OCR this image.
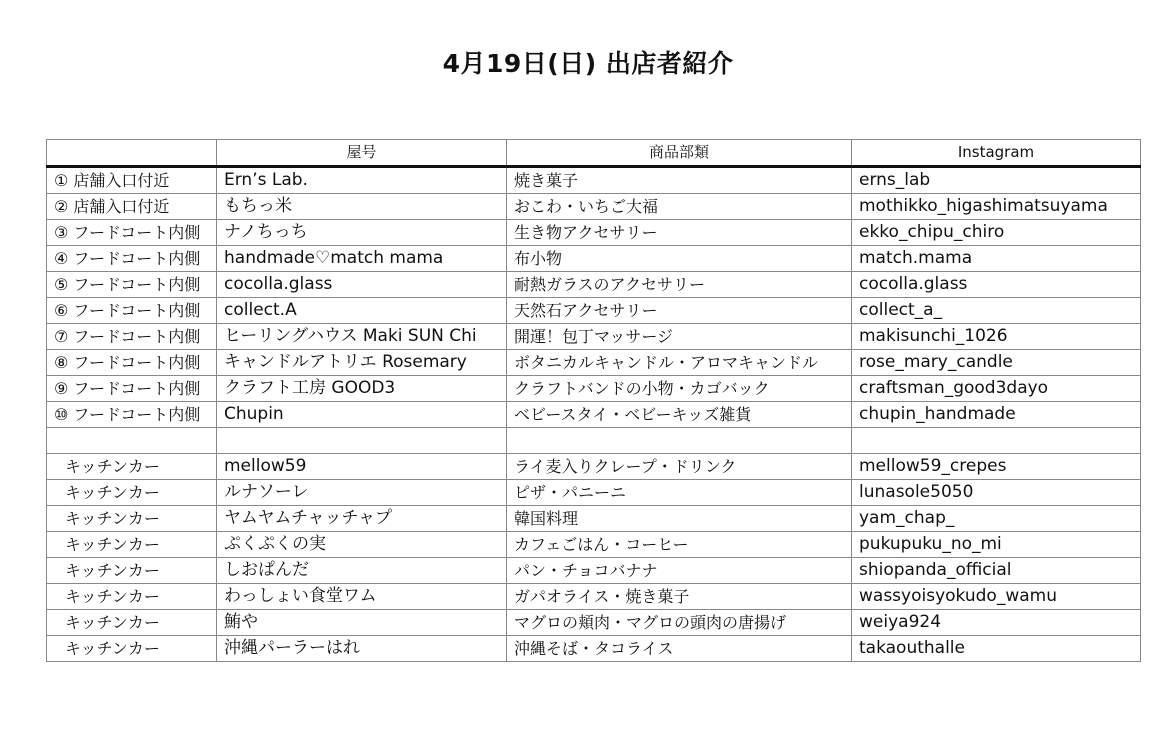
4月19日(日) 出店者紹介
	屋号	商品部類	Instagram
① 店舗入口付近	Ern’s Lab.	焼き菓子	erns_lab
② 店舗入口付近	もちっ米	おこわ・いちご大福	mothikko_higashimatsuyama
③ フードコート内側	ナノちっち	生き物アクセサリー	ekko_chipu_chiro
④ フードコート内側	handmade♡match mama	布小物	match.mama
⑤ フードコート内側	cocolla.glass	耐熱ガラスのアクセサリー	cocolla.glass
⑥ フードコート内側	collect.A	天然石アクセサリー	collect_a_
⑦ フードコート内側	ヒーリングハウス Maki SUN Chi	開運！包丁マッサージ	makisunchi_1026
⑧ フードコート内側	キャンドルアトリエ Rosemary	ボタニカルキャンドル・アロマキャンドル	rose_mary_candle
⑨ フードコート内側	クラフト工房 GOOD3	クラフトバンドの小物・カゴバック	craftsman_good3dayo
⑩ フードコート内側	Chupin	ベビースタイ・ベビーキッズ雑貨	chupin_handmade

キッチンカー	mellow59	ライ麦入りクレープ・ドリンク	mellow59_crepes
キッチンカー	ルナソーレ	ピザ・パニーニ	lunasole5050
キッチンカー	ヤムヤムチャッチャプ	韓国料理	yam_chap_
キッチンカー	ぷくぷくの実	カフェごはん・コーヒー	pukupuku_no_mi
キッチンカー	しおぱんだ	パン・チョコバナナ	shiopanda_official
キッチンカー	わっしょい食堂ワム	ガパオライス・焼き菓子	wassyoisyokudo_wamu
キッチンカー	鮪や	マグロの頬肉・マグロの頭肉の唐揚げ	weiya924
キッチンカー	沖縄パーラーはれ	沖縄そば・タコライス	takaouthalle
